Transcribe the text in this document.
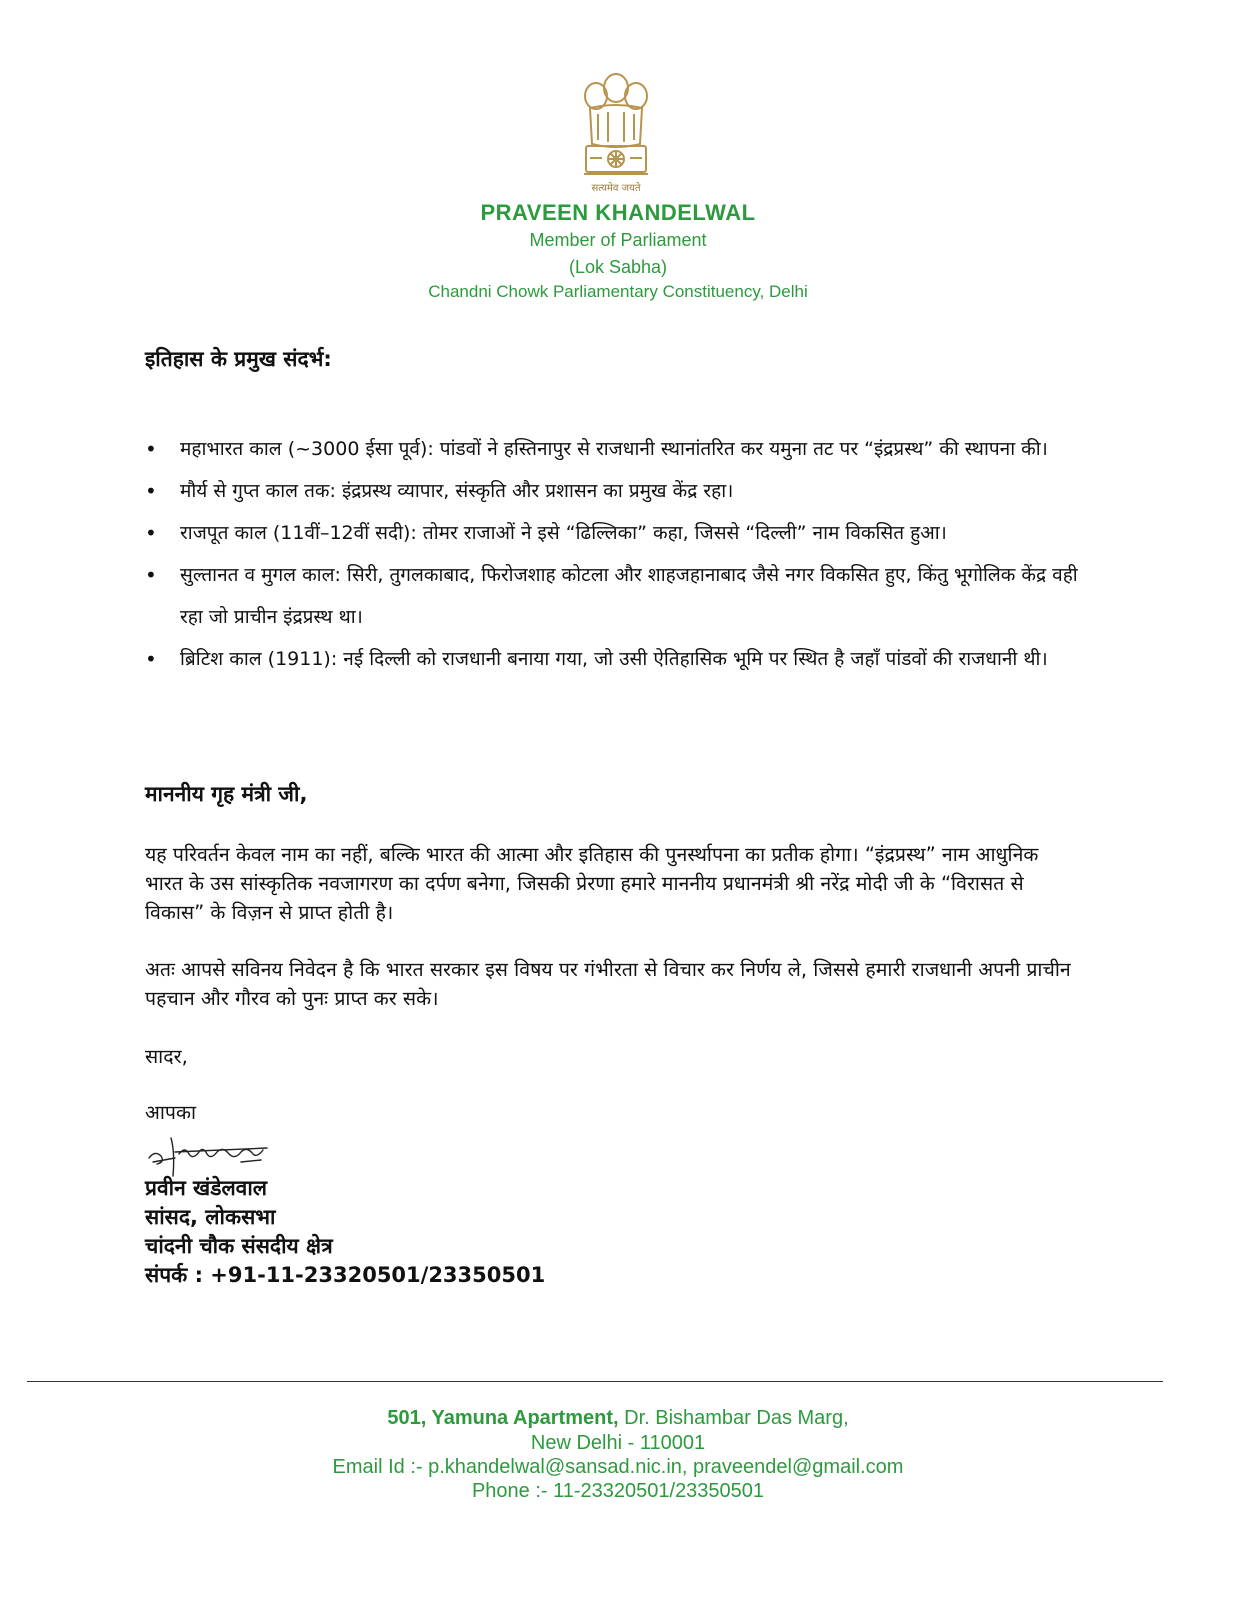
सत्यमेव जयते
PRAVEEN KHANDELWAL
Member of Parliament
(Lok Sabha)
Chandni Chowk Parliamentary Constituency, Delhi
इतिहास के प्रमुख संदर्भ:
• महाभारत काल (~3000 ईसा पूर्व): पांडवों ने हस्तिनापुर से राजधानी स्थानांतरित कर यमुना तट पर “इंद्रप्रस्थ” की स्थापना की।
• मौर्य से गुप्त काल तक: इंद्रप्रस्थ व्यापार, संस्कृति और प्रशासन का प्रमुख केंद्र रहा।
• राजपूत काल (11वीं–12वीं सदी): तोमर राजाओं ने इसे “ढिल्लिका” कहा, जिससे “दिल्ली” नाम विकसित हुआ।
• सुल्तानत व मुगल काल: सिरी, तुगलकाबाद, फिरोजशाह कोटला और शाहजहानाबाद जैसे नगर विकसित हुए, किंतु भूगोलिक केंद्र वही रहा जो प्राचीन इंद्रप्रस्थ था।
• ब्रिटिश काल (1911): नई दिल्ली को राजधानी बनाया गया, जो उसी ऐतिहासिक भूमि पर स्थित है जहाँ पांडवों की राजधानी थी।
माननीय गृह मंत्री जी,
यह परिवर्तन केवल नाम का नहीं, बल्कि भारत की आत्मा और इतिहास की पुनर्स्थापना का प्रतीक होगा। “इंद्रप्रस्थ” नाम आधुनिक भारत के उस सांस्कृतिक नवजागरण का दर्पण बनेगा, जिसकी प्रेरणा हमारे माननीय प्रधानमंत्री श्री नरेंद्र मोदी जी के “विरासत से विकास” के विज़न से प्राप्त होती है।
अतः आपसे सविनय निवेदन है कि भारत सरकार इस विषय पर गंभीरता से विचार कर निर्णय ले, जिससे हमारी राजधानी अपनी प्राचीन पहचान और गौरव को पुनः प्राप्त कर सके।
सादर,
आपका
प्रवीन खंडेलवाल
सांसद, लोकसभा
चांदनी चौक संसदीय क्षेत्र
संपर्क : +91-11-23320501/23350501
501, Yamuna Apartment, Dr. Bishambar Das Marg,
New Delhi - 110001
Email Id :- p.khandelwal@sansad.nic.in, praveendel@gmail.com
Phone :- 11-23320501/23350501
